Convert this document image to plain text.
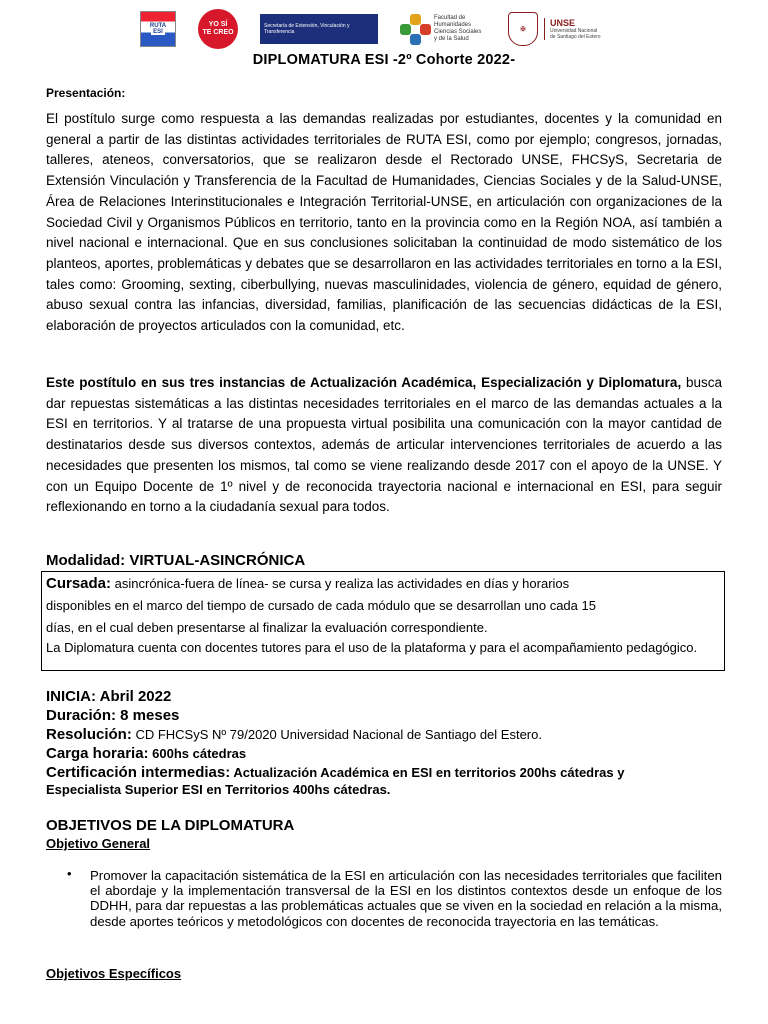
RUTA
ESI
YO SÍ
TE CREO
Secretaría de Extensión, Vinculación y Transferencia
Facultad de
Humanidades
Ciencias Sociales
y de la Salud
✠
UNSE
Universidad Nacional
de Santiago del Estero
DIPLOMATURA ESI -2º Cohorte 2022-
Presentación:

El postítulo surge como respuesta a las demandas realizadas por estudiantes, docentes y la comunidad en general a partir de las distintas actividades territoriales de RUTA ESI, como por ejemplo; congresos, jornadas, talleres, ateneos, conversatorios, que se realizaron desde el Rectorado UNSE, FHCSyS, Secretaria de Extensión Vinculación y Transferencia de la Facultad de Humanidades, Ciencias Sociales y de la Salud-UNSE, Área de Relaciones Interinstitucionales e Integración Territorial-UNSE, en articulación con organizaciones de la Sociedad Civil y Organismos Públicos en territorio, tanto en la provincia como en la Región NOA, así también a nivel nacional e internacional. Que en sus conclusiones solicitaban la continuidad de modo sistemático de los planteos, aportes, problemáticas y debates que se desarrollaron en las actividades territoriales en torno a la ESI, tales como: Grooming, sexting, ciberbullying, nuevas masculinidades, violencia de género, equidad de género, abuso sexual contra las infancias, diversidad, familias, planificación de las secuencias didácticas de la ESI, elaboración de proyectos articulados con la comunidad, etc.

Este postítulo en sus tres instancias de Actualización Académica, Especialización y Diplomatura, busca dar repuestas sistemáticas a las distintas necesidades territoriales en el marco de las demandas actuales a la ESI en territorios. Y al tratarse de una propuesta virtual posibilita una comunicación con la mayor cantidad de destinatarios desde sus diversos contextos, además de articular intervenciones territoriales de acuerdo a las necesidades que presenten los mismos, tal como se viene realizando desde 2017 con el apoyo de la UNSE. Y con un Equipo Docente de 1º nivel y de reconocida trayectoria nacional e internacional en ESI, para seguir reflexionando en torno a la ciudadanía sexual para todos.

Modalidad: VIRTUAL-ASINCRÓNICA
Cursada: asincrónica-fuera de línea- se cursa y realiza las actividades en días y horarios
disponibles en el marco del tiempo de cursado de cada módulo que se desarrollan uno cada 15
días, en el cual deben presentarse al finalizar la evaluación correspondiente.
La Diplomatura cuenta con docentes tutores para el uso de la plataforma y para el acompañamiento pedagógico.
INICIA: Abril 2022
Duración: 8 meses
Resolución: CD FHCSyS Nº 79/2020 Universidad Nacional de Santiago del Estero.
Carga horaria: 600hs cátedras
Certificación intermedias: Actualización Académica en ESI en territorios 200hs cátedras y
Especialista Superior ESI en Territorios 400hs cátedras.
OBJETIVOS DE LA DIPLOMATURA
Objetivo General
• Promover la capacitación sistemática de la ESI en articulación con las necesidades territoriales que faciliten el abordaje y la implementación transversal de la ESI en los distintos contextos desde un enfoque de los DDHH, para dar repuestas a las problemáticas actuales que se viven en la sociedad en relación a la misma, desde aportes teóricos y metodológicos con docentes de reconocida trayectoria en las temáticas.

Objetivos Específicos
